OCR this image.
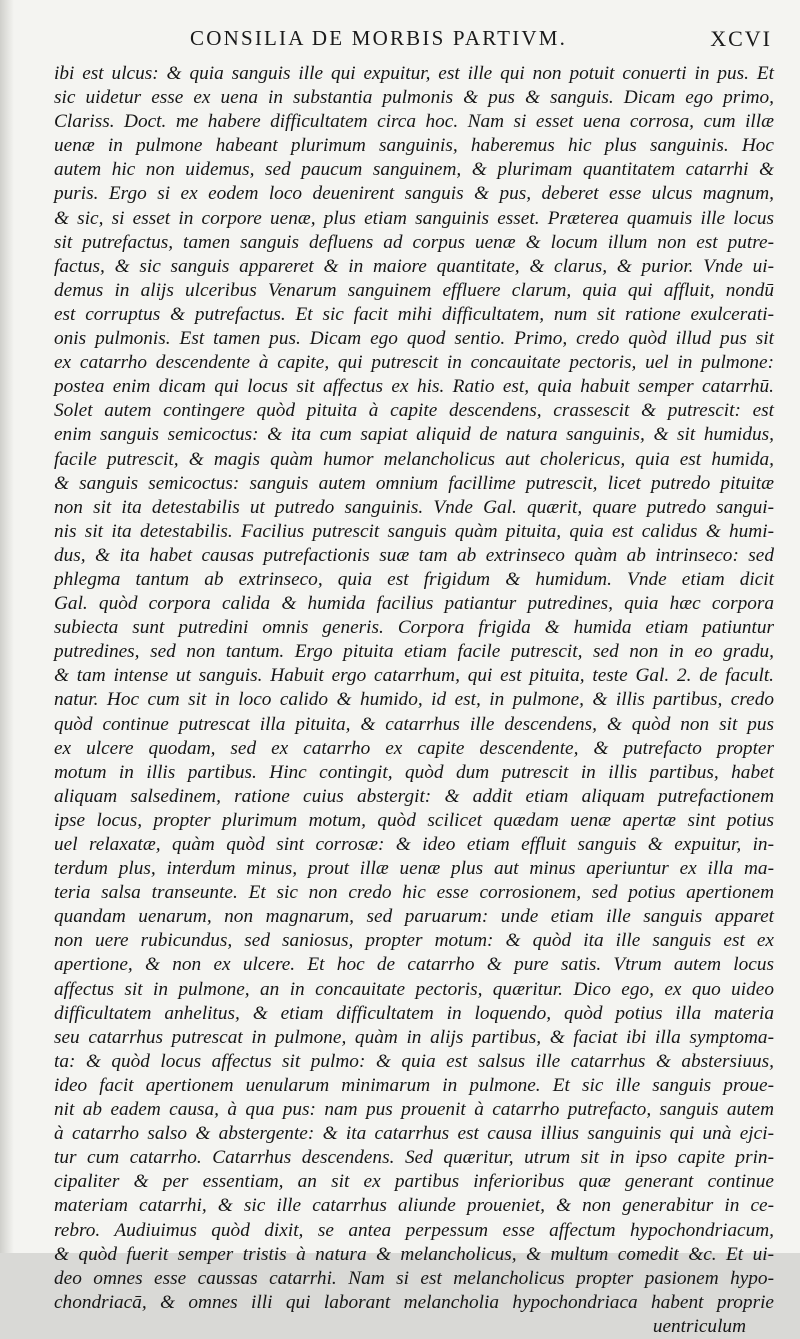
CONSILIA DE MORBIS PARTIVM.	XCVI
ibi est ulcus: & quia sanguis ille qui expuitur, est ille qui non potuit conuerti in pus. Et
sic uidetur esse ex uena in substantia pulmonis & pus & sanguis. Dicam ego primo,
Clariss. Doct. me habere difficultatem circa hoc. Nam si esset uena corrosa, cum illæ
uenæ in pulmone habeant plurimum sanguinis, haberemus hic plus sanguinis. Hoc
autem hic non uidemus, sed paucum sanguinem, & plurimam quantitatem catarrhi &
puris. Ergo si ex eodem loco deuenirent sanguis & pus, deberet esse ulcus magnum,
& sic, si esset in corpore uenæ, plus etiam sanguinis esset. Præterea quamuis ille locus
sit putrefactus, tamen sanguis defluens ad corpus uenæ & locum illum non est putre-
factus, & sic sanguis appareret & in maiore quantitate, & clarus, & purior. Vnde ui-
demus in alijs ulceribus Venarum sanguinem effluere clarum, quia qui affluit, nondū
est corruptus & putrefactus. Et sic facit mihi difficultatem, num sit ratione exulcerati-
onis pulmonis. Est tamen pus. Dicam ego quod sentio. Primo, credo quòd illud pus sit
ex catarrho descendente à capite, qui putrescit in concauitate pectoris, uel in pulmone:
postea enim dicam qui locus sit affectus ex his. Ratio est, quia habuit semper catarrhū.
Solet autem contingere quòd pituita à capite descendens, crassescit & putrescit: est
enim sanguis semicoctus: & ita cum sapiat aliquid de natura sanguinis, & sit humidus,
facile putrescit, & magis quàm humor melancholicus aut cholericus, quia est humida,
& sanguis semicoctus: sanguis autem omnium facillime putrescit, licet putredo pituitæ
non sit ita detestabilis ut putredo sanguinis. Vnde Gal. quærit, quare putredo sangui-
nis sit ita detestabilis. Facilius putrescit sanguis quàm pituita, quia est calidus & humi-
dus, & ita habet causas putrefactionis suæ tam ab extrinseco quàm ab intrinseco: sed
phlegma tantum ab extrinseco, quia est frigidum & humidum. Vnde etiam dicit
Gal. quòd corpora calida & humida facilius patiantur putredines, quia hæc corpora
subiecta sunt putredini omnis generis. Corpora frigida & humida etiam patiuntur
putredines, sed non tantum. Ergo pituita etiam facile putrescit, sed non in eo gradu,
& tam intense ut sanguis. Habuit ergo catarrhum, qui est pituita, teste Gal. 2. de facult.
natur. Hoc cum sit in loco calido & humido, id est, in pulmone, & illis partibus, credo
quòd continue putrescat illa pituita, & catarrhus ille descendens, & quòd non sit pus
ex ulcere quodam, sed ex catarrho ex capite descendente, & putrefacto propter
motum in illis partibus. Hinc contingit, quòd dum putrescit in illis partibus, habet
aliquam salsedinem, ratione cuius abstergit: & addit etiam aliquam putrefactionem
ipse locus, propter plurimum motum, quòd scilicet quædam uenæ apertæ sint potius
uel relaxatæ, quàm quòd sint corrosæ: & ideo etiam effluit sanguis & expuitur, in-
terdum plus, interdum minus, prout illæ uenæ plus aut minus aperiuntur ex illa ma-
teria salsa transeunte. Et sic non credo hic esse corrosionem, sed potius apertionem
quandam uenarum, non magnarum, sed paruarum: unde etiam ille sanguis apparet
non uere rubicundus, sed saniosus, propter motum: & quòd ita ille sanguis est ex
apertione, & non ex ulcere. Et hoc de catarrho & pure satis. Vtrum autem locus
affectus sit in pulmone, an in concauitate pectoris, quæritur. Dico ego, ex quo uideo
difficultatem anhelitus, & etiam difficultatem in loquendo, quòd potius illa materia
seu catarrhus putrescat in pulmone, quàm in alijs partibus, & faciat ibi illa symptoma-
ta: & quòd locus affectus sit pulmo: & quia est salsus ille catarrhus & abstersiuus,
ideo facit apertionem uenularum minimarum in pulmone. Et sic ille sanguis proue-
nit ab eadem causa, à qua pus: nam pus prouenit à catarrho putrefacto, sanguis autem
à catarrho salso & abstergente: & ita catarrhus est causa illius sanguinis qui unà ejci-
tur cum catarrho. Catarrhus descendens. Sed quæritur, utrum sit in ipso capite prin-
cipaliter & per essentiam, an sit ex partibus inferioribus quæ generant continue
materiam catarrhi, & sic ille catarrhus aliunde proueniet, & non generabitur in ce-
rebro. Audiuimus quòd dixit, se antea perpessum esse affectum hypochondriacum,
& quòd fuerit semper tristis à natura & melancholicus, & multum comedit &c. Et ui-
deo omnes esse caussas catarrhi. Nam si est melancholicus propter pasionem hypo-
chondriacā, & omnes illi qui laborant melancholia hypochondriaca habent proprie
uentriculum
